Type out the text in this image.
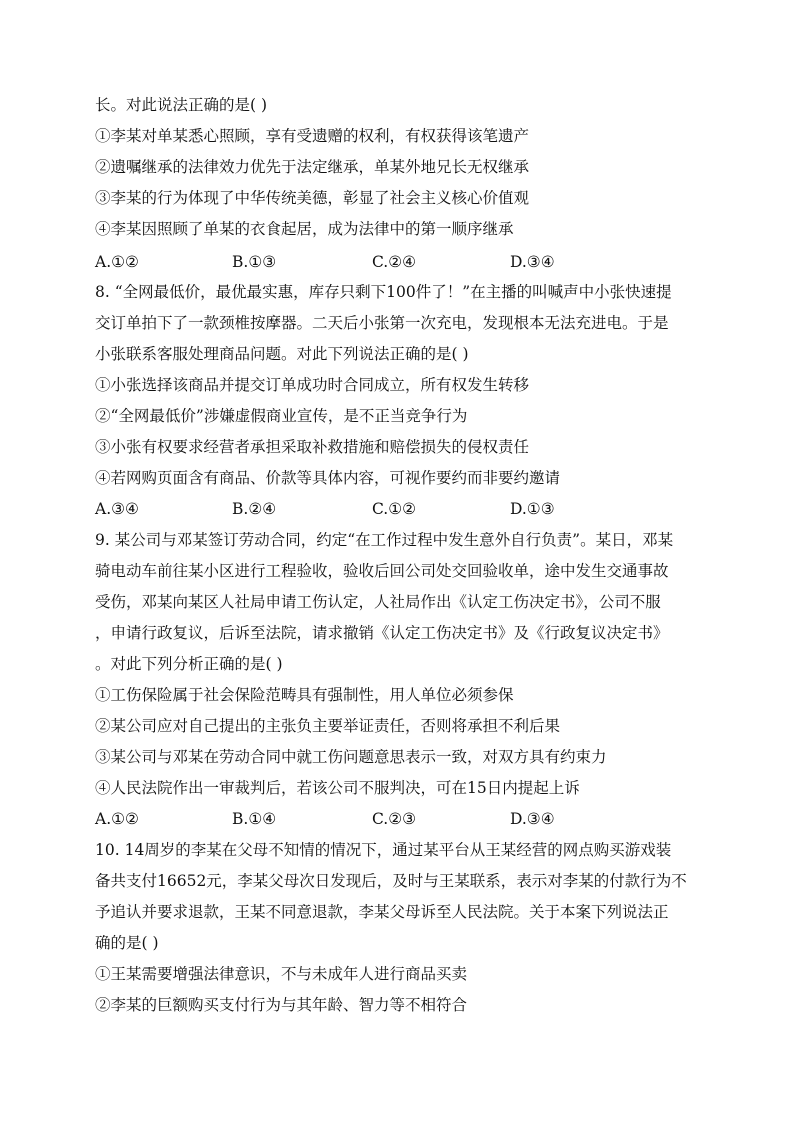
长。对此说法正确的是( )
①李某对单某悉心照顾，享有受遗赠的权利，有权获得该笔遗产
②遗嘱继承的法律效力优先于法定继承，单某外地兄长无权继承
③李某的行为体现了中华传统美德，彰显了社会主义核心价值观
④李某因照顾了单某的衣食起居，成为法律中的第一顺序继承
A.①②	B.①③	C.②④	D.③④
8. “全网最低价，最优最实惠，库存只剩下100件了！”在主播的叫喊声中小张快速提
交订单拍下了一款颈椎按摩器。二天后小张第一次充电，发现根本无法充进电。于是
小张联系客服处理商品问题。对此下列说法正确的是( )
①小张选择该商品并提交订单成功时合同成立，所有权发生转移
②“全网最低价”涉嫌虚假商业宣传，是不正当竞争行为
③小张有权要求经营者承担采取补救措施和赔偿损失的侵权责任
④若网购页面含有商品、价款等具体内容，可视作要约而非要约邀请
A.③④	B.②④	C.①②	D.①③
9. 某公司与邓某签订劳动合同，约定“在工作过程中发生意外自行负责”。某日，邓某
骑电动车前往某小区进行工程验收，验收后回公司处交回验收单，途中发生交通事故
受伤，邓某向某区人社局申请工伤认定，人社局作出《认定工伤决定书》，公司不服
，申请行政复议，后诉至法院，请求撤销《认定工伤决定书》及《行政复议决定书》
。对此下列分析正确的是( )
①工伤保险属于社会保险范畴具有强制性，用人单位必须参保
②某公司应对自己提出的主张负主要举证责任，否则将承担不利后果
③某公司与邓某在劳动合同中就工伤问题意思表示一致，对双方具有约束力
④人民法院作出一审裁判后，若该公司不服判决，可在15日内提起上诉
A.①②	B.①④	C.②③	D.③④
10. 14周岁的李某在父母不知情的情况下，通过某平台从王某经营的网点购买游戏装
备共支付16652元，李某父母次日发现后，及时与王某联系，表示对李某的付款行为不
予追认并要求退款，王某不同意退款，李某父母诉至人民法院。关于本案下列说法正
确的是( )
①王某需要增强法律意识，不与未成年人进行商品买卖
②李某的巨额购买支付行为与其年龄、智力等不相符合
